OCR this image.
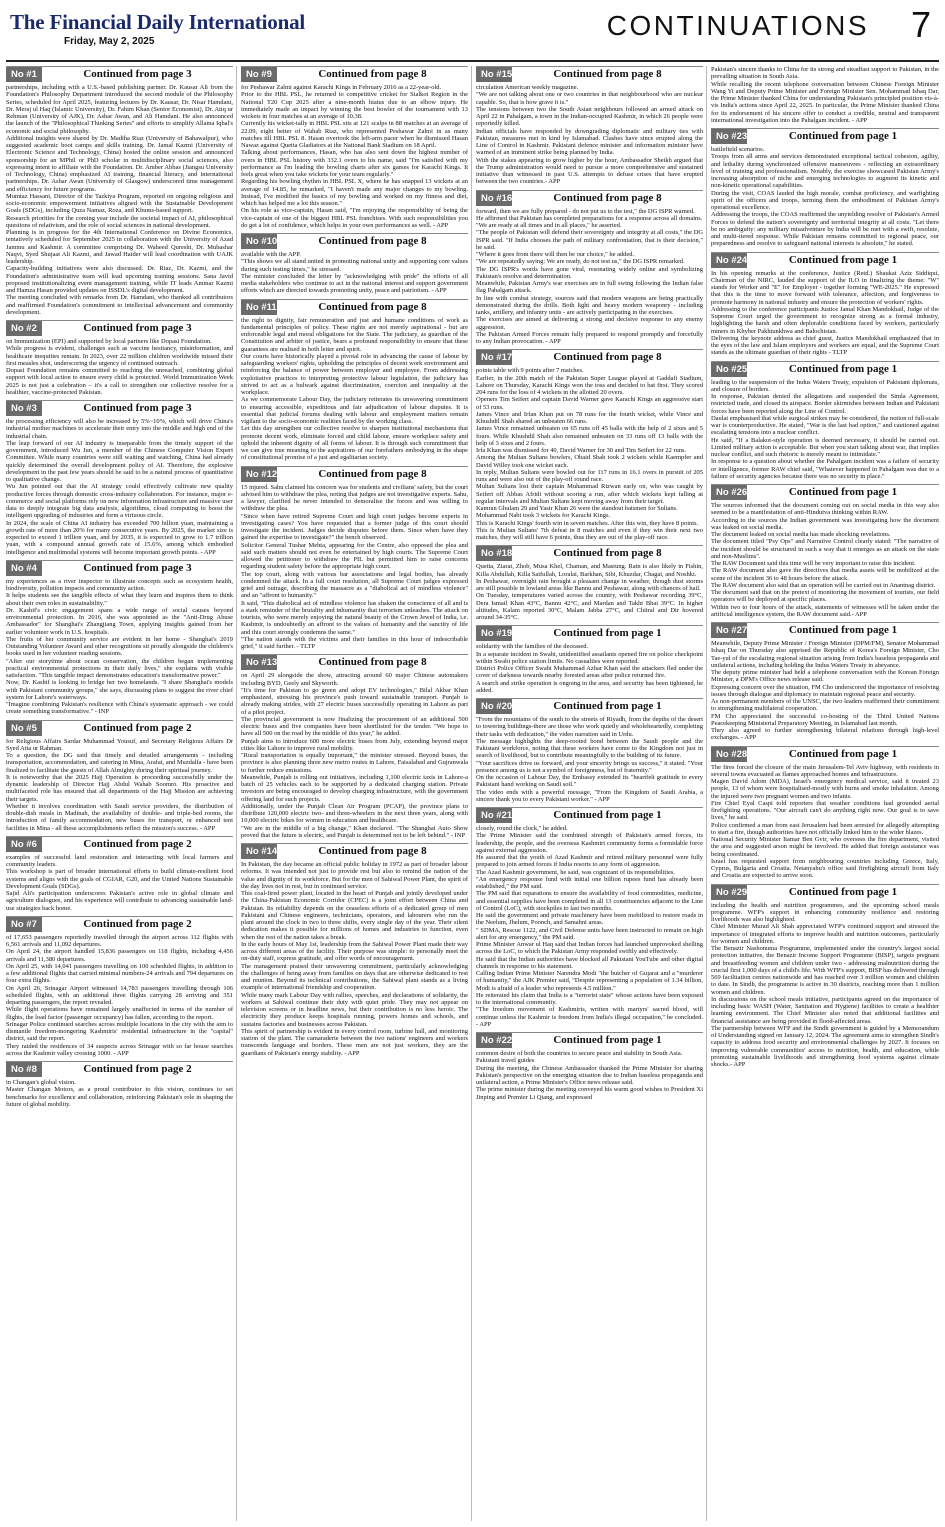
The Financial Daily International
Friday, May 2, 2025
CONTINUATIONS 7
No #1	Continued from page 3

partnerships, including with a U.S.-based publishing partner. Dr. Kausar Ali from the Foundation's Philosophy Department introduced the second module of the Philosophy Series, scheduled for April 2025, featuring lectures by Dr. Kausar, Dr. Nisar Hamdani, Dr. Meraj ul Haq (Islamic University), Dr. Fahim Khan (Senior Economist), Dr. Atiq ur Rehman (University of AJK), Dr. Ashar Awan, and Ali Hamdani. He also announced the launch of the "Philosophical Thinking Series" and efforts to simplify Allama Iqbal's economic and social philosophy.

Additional insights were shared by Dr. Madiha Riaz (University of Bahawalpur), who suggested academic boot camps and skills training. Dr. Jamal Kazmi (University of Electronic Science and Technology, China) hosted the online session and announced sponsorship for an MPhil or PhD scholar in multidisciplinary social sciences, also expressing intent to affiliate with the Foundation. Dr. Amber Abbas (Jiangsu University of Technology, China) emphasized AI training, financial literacy, and international partnerships. Dr. Ashar Awan (University of Glasgow) underscored time management and efficiency for future programs.

Mumtaz Hassani, Director of the Tazkiya Program, reported on ongoing religious and socio-economic empowerment initiatives aligned with the Sustainable Development Goals (SDGs), including Quza Namaz, Roza, and Khums-based support.

Research priorities for the coming year include the societal impact of AI, philosophical questions of relativism, and the role of social sciences in national development.

Planning is in progress for the 4th International Conference on Divine Economics, tentatively scheduled for September 2025 in collaboration with the University of Azad Jammu and Kashmir. A committee comprising Dr. Waheed Qureshi, Dr. Mubashar Naqvi, Syed Shujaat Ali Kazmi, and Jawad Haider will lead coordination with UAJK leadership.

Capacity-building initiatives were also discussed. Dr. Riaz, Dr. Kazmi, and the Foundation's administrative team will lead upcoming training sessions. Sana Javid proposed institutionalizing event management training, while IT leads Ammar Kazmi and Hamza Hasan provided updates on ISSDL's digital development.

The meeting concluded with remarks from Dr. Hamdani, who thanked all contributors and reaffirmed Foundation's commitment to intellectual advancement and community development.

No #2	Continued from page 3

on Immunization (EPI) and supported by local partners like Dopasi Foundation.

While progress is evident, challenges such as vaccine hesitancy, misinformation, and healthcare inequities remain. In 2023, over 22 million children worldwide missed their first measles shot, underscoring the urgency of continued outreach.

Dopasi Foundation remains committed to reaching the unreached, combining global support with local action to ensure every child is protected. World Immunization Week 2025 is not just a celebration – it's a call to strengthen our collective resolve for a healthier, vaccine-protected Pakistan.

No #3	Continued from page 3

the processing efficiency will also be increased by 5%~10%, which will drive China's industrial mother machines to accelerate their entry into the middle and high end of the industrial chain.

The leap forward of our AI industry is inseparable from the timely support of the government, introduced Wu Jun, a member of the Chinese Computer Vision Expert Committee. While many countries were still waiting and watching, China had already quickly determined the overall development policy of AI. Therefore, the explosive development in the past few years should be said to be a natural process of quantitative to qualitative change.

Wu Jun pointed out that the AI strategy could effectively cultivate new quality productive forces through domestic cross-industry collaboration. For instance, major e-commerce and social platforms rely on new information infrastructure and massive user data to deeply integrate big data analysis, algorithms, cloud computing to boost the intelligent upgrading of industries and form a virtuous circle.

In 2024, the scale of China AI industry has exceeded 700 billion yuan, maintaining a growth rate of more than 20% for many consecutive years. By 2025, the market size is expected to exceed 1 trillion yuan, and by 2035, it is expected to grow to 1.7 trillion yuan, with a compound annual growth rate of 15.6%, among which embodied intelligence and multimodal systems will become important growth points. - APP

No #4	Continued from page 3

my experiences as a river inspector to illustrate concepts such as ecosystem health, biodiversity, pollution impacts and community action.

It helps students see the tangible effects of what they learn and inspires them to think about their own roles in sustainability."

Dr. Kashif's civic engagement spans a wide range of social causes beyond environmental protection. In 2016, she was appointed as the "Anti-Drug Abuse Ambassador" for Shanghai's Zhangjiang Town, applying insights gained from her earlier volunteer work in U.S. hospitals.

The fruits of her community service are evident in her home - Shanghai's 2019 Outstanding Volunteer Award and other recognitions sit proudly alongside the children's books used in her volunteer reading sessions.

"After our storytime about ocean conservation, the children began implementing practical environmental protections in their daily lives," she explains with visible satisfaction. "This tangible impact demonstrates education's transformative power."

Now, Dr. Kashif is looking to bridge her two homelands. "I share Shanghai's models with Pakistani community groups," she says, discussing plans to suggest the river chief system for Lahore's waterways.

"Imagine combining Pakistan's resilience with China's systematic approach - we could create something transformative." - INP

No #5	Continued from page 2

for Religious Affairs Sardar Muhammad Yousuf, and Secretary Religious Affairs Dr Syed Atta ur Rahman.

To a question, the DG said that timely and detailed arrangements - including transportation, accommodation, and catering in Mina, Arafat, and Muzdalfa - have been finalized to facilitate the guests of Allah Almighty during their spiritual journey.

It is noteworthy that the 2025 Hajj Operation is proceeding successfully under the dynamic leadership of Director Hajj Abdul Wahab Soomro. His proactive and multifaceted role has ensured that all departments of the Hajj Mission are achieving their targets.

Whether it involves coordination with Saudi service providers, the distribution of double-dish meals in Madinah, the availability of double- and triple-bed rooms, the introduction of family accommodation, new buses for transport, or enhanced tent facilities in Mina - all these accomplishments reflect the mission's success. - APP

No #6	Continued from page 2

examples of successful land restoration and interacting with local farmers and community leaders.

This workshop is part of broader international efforts to build climate-resilient food systems and aligns with the goals of CGIAR, G20, and the United Nations Sustainable Development Goals (SDGs).

Sajid Ali's participation underscores Pakistan's active role in global climate and agriculture dialogues, and his experience will contribute to advancing sustainable land-use strategies back home.

No #7	Continued from page 2

of 17,653 passengers reportedly travelled through the airport across 112 flights with 6,561 arrivals and 11,092 departures.

On April 24, the airport handled 15,836 passengers on 118 flights, including 4,456 arrivals and 11,380 departures.

On April 25, with 14,041 passengers travelling on 100 scheduled flights, in addition to a few additional flights that carried minimal numbers-24 arrivals and 794 departures on four extra flights.

On April 26, Srinagar Airport witnessed 14,783 passengers travelling through 106 scheduled flights, with an additional three flights carrying 28 arriving and 351 departing passengers, the report revealed.

While flight operations have remained largely unaffected in terms of the number of flights, the load factor (passenger occupancy) has fallen, according to the report.

Srinagar Police continued searches across multiple locations in the city with the aim to dismantle freedom-mongering Kashmiris' residential infrastructure in the "capital" district, said the report.

They raided the residences of 34 suspects across Srinagar with so far house searches across the Kashmir valley crossing 1000. - APP

No #8	Continued from page 2

in Changan's global vision.

Master Changan Motors, as a proud contributor to this vision, continues to set benchmarks for excellence and collaboration, reinforcing Pakistan's role in shaping the future of global mobility.

No #9	Continued from page 8

for Peshawar Zalmi against Karachi Kings in February 2016 as a 22-year-old.

Prior to the HBL PSL, he returned to competitive cricket for Sialkot Region in the National T20 Cup 2025 after a nine-month hiatus due to an elbow injury. He immediately made an impact by winning the best bowler of the tournament with 13 wickets in four matches at an average of 10.38.

Currently his wicket-tally in HBL PSL sits at 121 scalps in 88 matches at an average of 22.09, eight better of Wahab Riaz, who represented Peshawar Zalmi in as many matches till HBL PSL 8. Hasan overtook the left-arm pacer when he dismissed Hasan Nawaz against Quetta Gladiators at the National Bank Stadium on 18 April.

Talking about performances, Hasan, who has also sent down the highest number of overs in HBL PSL history with 332.1 overs to his name, said "I'm satisfied with my performance as I'm leading the bowling charts after six games for Karachi Kings. It feels great when you take wickets for your team regularly."

Regarding his bowling rhythm in HBL PSL X, where he has snapped 13 wickets at an average of 14.85, he remarked, "I haven't made any major changes to my bowling. Instead, I've modified the basics of my bowling and worked on my fitness and diet, which has helped me a lot this season."

On his role as vice-captain, Hasan said, "I'm enjoying the responsibility of being the vice-captain of one of the biggest HBL PSL franchises. With such responsibilities you do get a lot of confidence, which helps in your own performances as well. - APP

No #10	Continued from page 8

available with the APP.

"This shows we all stand united in promoting national unity and supporting core values during such testing times," he stressed.

The minister concluded the letter by "acknowledging with pride" the efforts of all media stakeholders who continue to act in the national interest and support government efforts which are directed towards promoting unity, peace and patriotism. - APP

No #11	Continued from page 8

the right to dignity, fair remuneration and just and humane conditions of work as fundamental principles of policy. These rights are not merely aspirational - but are enforceable legal and moral obligations for the State. The judiciary, as guardian of the Constitution and arbiter of justice, bears a profound responsibility to ensure that these guarantees are realised in both letter and spirit.

Our courts have historically played a pivotal role in advancing the cause of labour by safeguarding workers' rights, upholding the principles of decent work environment and reinforcing the balance of power between employer and employee. From addressing exploitative practices to interpreting protective labour legislation, the judiciary has strived to act as a bulwark against discrimination, coercion and inequality at the workplace.

As we commemorate Labour Day, the judiciary reiterates its unwavering commitment to ensuring accessible, expeditious and fair adjudication of labour disputes. It is essential that judicial forums dealing with labour and employment matters remain vigilant to the socio-economic realities faced by the working class.

Let this day strengthen our collective resolve to sharpen institutional mechanisms that promote decent work, eliminate forced and child labour, ensure workplace safety and uphold the inherent dignity of all forms of labour. It is through such commitment that we can give true meaning to the aspirations of our forefathers embodying in the shape of constitutional promise of a just and egalitarian society.

No #12	Continued from page 8

15 injured. Sahu claimed his concern was for students and civilians' safety, but the court advised him to withdraw the plea, noting that judges are not investigative experts. Sahu, a lawyer, clarified he never intended to demoralise the forces and was willing to withdraw the plea.

"Since when have retired Supreme Court and high court judges become experts in investigating cases? You have requested that a former judge of this court should investigate the incident. Judges decide disputes before them. Since when have they gained the expertise to investigate?" the bench observed.

Solicitor General Tushar Mehta, appearing for the Centre, also opposed the plea and said such matters should not even be entertained by high courts. The Supreme Court allowed the petitioner to withdraw the PIL but permitted him to raise concerns regarding student safety before the appropriate high court.

The top court, along with various bar associations and legal bodies, has already condemned the attack. In a full court resolution, all Supreme Court judges expressed grief and outrage, describing the massacre as a "diabolical act of mindless violence" and an "affront to humanity."

It said, "This diabolical act of mindless violence has shaken the conscience of all and is a stark reminder of the brutality and inhumanity that terrorism unleashes. The attack on tourists, who were merely enjoying the natural beauty of the Crown Jewel of India, i.e. Kashmir, is undoubtedly an affront to the values of humanity and the sanctity of life and this court strongly condemns the same."

"The nation stands with the victims and their families in this hour of indescribable grief," it said further. - TLTP

No #13	Continued from page 8

on April 29 alongside the show, attracting around 60 major Chinese automakers including BYD, Geely and Skyworth.

"It's time for Pakistan to go green and adopt EV technologies," Bilal Akbar Khan emphasized, stressing his province's push toward sustainable transport. Punjab is already making strides, with 27 electric buses successfully operating in Lahore as part of a pilot project.

The provincial government is now finalizing the procurement of an additional 500 electric buses and five companies have been shortlisted for the tender. "We hope to have all 500 on the road by the middle of this year," he added.

Punjab aims to introduce 600 more electric buses from July, extending beyond major cities like Lahore to improve rural mobility.

"Rural transportation is equally important," the minister stressed. Beyond buses, the province is also planning three new metro routes in Lahore, Faisalabad and Gujranwala to further reduce emissions.

Meanwhile, Punjab is rolling out initiatives, including 1,100 electric taxis in Lahore-a batch of 25 vehicles each to be supported by a dedicated charging station. Private investors are being encouraged to develop charging infrastructure, with the government offering land for such projects.

Additionally, under the Punjab Clean Air Program (PCAP), the province plans to distribute 120,000 electric two- and three-wheelers in the next three years, along with 10,000 electric bikes for women in education and healthcare.

"We are in the middle of a big change," Khan declared. "The Shanghai Auto Show proved that the future is electric, and Punjab is determined not to be left behind." - INP

No #14	Continued from page 8

In Pakistan, the day became an official public holiday in 1972 as part of broader labour reforms. It was intended not just to provide rest but also to remind the nation of the value and dignity of its workforce. But for the men of Sahiwal Power Plant, the spirit of the day lives not in rest, but in continued service.

This coal-fired power plant, located in the heart of Punjab and jointly developed under the China-Pakistan Economic Corridor (CPEC) is a joint effort between China and Pakistan. Its reliability depends on the ceaseless efforts of a dedicated group of men Pakistani and Chinese engineers, technicians, operators, and labourers who run the plant around the clock in two to three shifts, every single day of the year. Their silent dedication makes it possible for millions of homes and industries to function, even when the rest of the nation takes a break.

In the early hours of May 1st, leadership from the Sahiwal Power Plant made their way across different areas of the facility. Their purpose was simple: to personally meet the on-duty staff, express gratitude, and offer words of encouragement.

The management praised their unwavering commitment, particularly acknowledging the challenges of being away from families on days that are otherwise dedicated to rest and reunion. Beyond its technical contributions, the Sahiwal plant stands as a living example of international friendship and cooperation.

While many mark Labour Day with rallies, speeches, and declarations of solidarity, the workers at Sahiwal continue their duty with quiet pride. They may not appear on television screens or in headline news, but their contribution is no less heroic. The electricity they produce keeps hospitals running, powers homes and schools, and sustains factories and businesses across Pakistan.

This spirit of partnership is evident in every control room, turbine hall, and monitoring station of the plant. The camaraderie between the two nations' engineers and workers transcends language and borders. These men are not just workers, they are the guardians of Pakistan's energy stability. - APP

No #15	Continued from page 8

circulation American weekly magazine.

"We are not talking about one or two countries in that neighbourhood who are nuclear capable. So, that is how grave it is."

The tensions between two the South Asian neighbours followed an armed attack on April 22 in Pahalgam, a town in the Indian-occupied Kashmir, in which 26 people were reportedly killed.

Indian officials have responded by downgrading diplomatic and military ties with Pakistan, measures met in kind by Islamabad. Clashes have since erupted along the Line of Control in Kashmir. Pakistani defence minister and information minister have warned of an imminent strike being planned by India.

With the stakes appearing to grow higher by the hour, Ambassador Sheikh argued that the Trump administration would need to pursue a more comprehensive and sustained initiative than witnessed in past U.S. attempts to defuse crises that have erupted between the two countries.- APP

No #16	Continued from page 8

forward, then we are fully prepared - do not put us to the test," the DG ISPR warned.

He affirmed that Pakistan has completed preparations for a response across all domains.

"We are ready at all times and in all places," he asserted.

"The people of Pakistan will defend their sovereignty and integrity at all costs," the DG ISPR said. "If India chooses the path of military confrontation, that is their decision," he said.

"Where it goes from there will then be our choice," he added.

"We are repeatedly saying: We are ready, do not test us," the DG ISPR remarked.

The DG ISPR's words have gone viral, resonating widely online and symbolizing Pakistan's resolve and determination.

Meanwhile, Pakistan Army's war exercises are in full swing following the Indian false flag Pahalgam attack.

In line with combat strategy, sources said that modern weapons are being practically demonstrated during the drills. Both light and heavy modern weaponry - including tanks, artillery, and infantry units - are actively participating in the exercises.

The exercises are aimed at delivering a strong and decisive response to any enemy aggression.

The Pakistan Armed Forces remain fully prepared to respond promptly and forcefully to any Indian provocation. - APP

No #17	Continued from page 8

points table with 9 points after 7 matches.

Earlier, in the 20th match of the Pakistan Super League played at Gaddafi Stadium, Lahore on Thursday, Karachi Kings won the toss and decided to bat first. They scored 204 runs for the loss of 4 wickets in the allotted 20 overs.

Openers Tim Seifert and captain David Warner gave Karachi Kings an aggressive start of 53 runs.

James Vince and Irfan Khan put on 78 runs for the fourth wicket, while Vince and Khushdil Shah shared an unbeaten 66 runs.

James Vince remained unbeaten on 65 runs off 45 balls with the help of 2 sixes and 5 fours. While Khushdil Shah also remained unbeaten on 33 runs off 13 balls with the help of 3 sixes and 2 fours.

Irfa Khan was dismissed for 40, David Warner for 30 and Tim Seifert for 22 runs.

Among the Multan Sultans bowlers, Obaid Shah took 2 wickets while Kaempfer and David Willey took one wicket each.

In reply, Multan Sultans were bowled out for 117 runs in 16.1 overs in pursuit of 205 runs and were also out of the play-off round race.

Multan Sultans lost their captain Muhammad Rizwan early on, who was caught by Seifert off Abbas Afridi without scoring a run, after which wickets kept falling at regular intervals and Multan Sultans kept moving away from their target.

Kamran Ghulam 29 and Yasir Khan 26 were the standout batsmen for Sultans.

Mohammad Nabi took 3 wickets for Karachi Kings.

This is Karachi Kings' fourth win in seven matches. After this win, they have 8 points.

This is Multan Sultans' 7th defeat in 8 matches and even if they win their next two matches, they will still have 6 points, thus they are out of the play-off race.

No #18	Continued from page 8

Quetta, Ziarat, Zhob, Musa Khel, Chaman, and Mastung. Rain is also likely in Fishin, Killa Abdullah, Killa Saifullah, Loralai, Barkhan, Sibi, Khuzdar, Chagai, and Noshki.

In Peshawar, overnight rain brought a pleasant change in weather, though dust storms are still possible in lowland areas like Bannu and Peshawar, along with chances of hail.

On Tuesday, temperatures varied across the country, with Peshawar recording 39°C, Dera Ismail Khan 43°C, Bannu 42°C, and Mardan and Takht Bhai 39°C. In higher altitudes, Kalam reported 30°C, Malam Jabba 27°C, and Chitral and Dir hovered around 34-35°C.

No #19	Continued from page 1

solidarity with the families of the deceased.

In a separate incident in Swabi, unidentified assailants opened fire on police checkpoint within Swabi police station limits. No casualties were reported.

District Police Officer Swabi Muhammad Azhar Khan said the attackers fled under the cover of darkness towards nearby forested areas after police returned fire.

A search and strike operation is ongoing in the area, and security has been tightened, he added.

No #20	Continued from page 1

"From the mountains of the south to the streets of Riyadh, from the depths of the desert to towering buildings-there are those who work quietly and wholeheartedly, completing their tasks with dedication," the video narration said in Urdu.

The message highlights the deep-rooted bond between the Saudi people and the Pakistani workforce, noting that these workers have come to the Kingdom not just in search of livelihood, but to contribute meaningfully to the building of its future.

"Your sacrifices drive us forward, and your sincerity brings us success," it stated. "Your presence among us is not a symbol of foreignness, but of fraternity."

On the occasion of Labour Day, the Embassy extended its "heartfelt gratitude to every Pakistani hand working on Saudi soil."

The video ends with a powerful message, "From the Kingdom of Saudi Arabia, a sincere thank you to every Pakistani worker." - APP

No #21	Continued from page 1

closely, round the clock," he added.

The Prime Minister said the combined strength of Pakistan's armed forces, its leadership, the people, and the overseas Kashmiri community forms a formidable force against external aggression.

He assured that the youth of Azad Kashmir and retired military personnel were fully prepared to join armed forces if India resorts to any form of aggression.

The Azad Kashmir government, he said, was cognizant of its responsibilities.

"An emergency response fund with initial one billion rupees fund has already been established," the PM said.

The PM said that reparations to ensure the availability of food commodities, medicine, and essential supplies have been completed in all 13 constituencies adjacent to the Line of Control (LoC), with stockpiles to last two months.

He said the government and private machinery have been mobilized to restore roads in the Neelum, Jhelum, Poonch, and Samahni areas.

" SDMA, Rescue 1122, and Civil Defense units have been instructed to remain on high alert for any emergency," the PM said.

Prime Minister Anwar ul Haq said that Indian forces had launched unprovoked shelling across the LoC, to which the Pakistan Army responded swiftly and effectively.

He said that the Indian authorities have blocked all Pakistani YouTube and other digital channels in response to his statement.

Calling Indian Prime Minister Narendra Modi "the butcher of Gujarat and a "murderer of humanity," the AJK Premier said, "Despite representing a population of 1.34 billion, Modi is afraid of a leader who represents 4.5 million."

He reiterated his claim that India is a "terrorist state" whose actions have been exposed to the international community.

"The freedom movement of Kashmiris, written with martyrs' sacred blood, will continue unless the Kashmir is freedom from India's illegal occupation," he concluded. - APP

No #22	Continued from page 1

common desire of both the countries to secure peace and stability in South Asia.

Pakistani travel guides

During the meeting, the Chinese Ambassador thanked the Prime Minister for sharing Pakistan's perspective on the emerging situation due to Indian baseless propaganda and unilateral action, a Prime Minister's Office news release said.

The prime minister during the meeting conveyed his warm good wishes to President Xi Jinping and Premier Li Qiang, and expressed

Pakistan's sincere thanks to China for its strong and steadfast support to Pakistan, in the prevailing situation in South Asia.

While recalling the recent telephone conversation between Chinese Foreign Minister Wang Yi and Deputy Prime Minister and Foreign Minister Sen. Mohammad Ishaq Dar, the Prime Minister thanked China for understanding Pakistan's principled position vis-à-vis India's actions since April 22, 2025. In particular, the Prime Minister thanked China for its endorsement of his sincere offer to conduct a credible, neutral and transparent international investigation into the Pahalgam incident. - APP

No #23	Continued from page 1

battlefield scenarios.

Troops from all arms and services demonstrated exceptional tactical cohesion, agility, and lethality during synchronized offensive manoeuvres - reflecting an extraordinary level of training and professionalism. Notably, the exercise showcased Pakistan Army's increasing absorption of niche and emerging technologies to augment its kinetic and non-kinetic operational capabilities.

During the visit, COAS lauded the high morale, combat proficiency, and warfighting spirit of the officers and troops, terming them the embodiment of Pakistan Army's operational excellence.

Addressing the troops, the COAS reaffirmed the unyielding resolve of Pakistan's Armed Forces to defend the nation's sovereignty and territorial integrity at all costs. "Let there be no ambiguity: any military misadventure by India will be met with a swift, resolute, and multi-tiered response. While Pakistan remains committed to regional peace, our preparedness and resolve to safeguard national interests is absolute," he stated.

No #24	Continued from page 1

In his opening remarks at the conference, Justice (Retd.) Shaukat Aziz Siddiqui, Chairman of the NIRC, lauded the support of the ILO in finalizing the theme: "W" stands for Worker and "E" for Employer - together forming "WE-2025." He expressed that this is the time to move forward with tolerance, affection, and forgiveness to promote harmony in national industry and ensure the protection of workers' rights.

Addressing to the conference participants Justice Jamal Khan Mandokhail, Judge of the Supreme Court urged the government to recognize strong as a formal industry, highlighting the harsh and often deplorable conditions faced by workers, particularly miners in Khyber Pakhtunkhwa and Balochistan.

Delivering the keynote address as chief guest, Justice Mandokhail emphasized that in the eyes of the law and Islam employers and workers are equal, and the Supreme Court stands as the ultimate guardian of their rights - TLTP

No #25	Continued from page 1

leading to the suspension of the Indus Waters Treaty, expulsion of Pakistani diplomats, and closure of borders.

In response, Pakistan denied the allegations and suspended the Simla Agreement, restricted trade, and closed its airspace. Border skirmishes between Indian and Pakistani forces have been reported along the Line of Control.

Daulat emphasised that while surgical strikes may be considered, the notion of full-scale war is counterproductive. He stated, "War is the last bad option," and cautioned against escalating tensions into a nuclear conflict.

He said, "If a Balakot-style operation is deemed necessary, it should be carried out. Limited military action is acceptable. But when you start talking about war, that implies nuclear conflict, and such rhetoric is merely meant to intimidate."

In response to a question about whether the Pahalgam incident was a failure of security or intelligence, former RAW chief said, "Whatever happened in Pahalgam was due to a failure of security agencies because there was no security in place."

No #26	Continued from page 1

The sources informed that the document coming out on social media in this way also seemed to be a manifestation of anti-Hindutva thinking within RAW.

According to the sources the Indian government was investigating how the document was leaked on social media.

The document leaked on social media has made shocking revelations.

The document titled "Psy Ops" and Narrative Control clearly stated: "The narrative of the incident should be structured in such a way that it emerges as an attack on the state and non-Muslims".

The RAW Document said this time will be very important to raise this incident.

The RAW document also gave the directives that media assets will be mobilized at the scene of the incident 36 to 48 hours before the attack.

The RAW document also said that an operation will be carried out in Anantnag district.

The document said that on the pretext of monitoring the movement of tourists, our field operators will be deployed at specific places.

Within two to four hours of the attack, statements of witnesses will be taken under the artificial intelligence system, the RAW document said.- APP

No #27	Continued from page 1

Meanwhile, Deputy Prime Minister / Foreign Minister (DPM/FM), Senator Mohammad Ishaq Dar on Thursday also apprised the Republic of Korea's Foreign Minister, Cho Tae-yul of the escalating regional situation arising from India's baseless propaganda and unilateral actions, including holding the Indus Waters Treaty in abeyance.

The deputy prime minister had held a telephone conversation with the Korean Foreign Minister, a DPM's Office news release said.

Expressing concern over the situation, FM Cho underscored the importance of resolving issues through dialogue and diplomacy to maintain regional peace and security.

As non-permanent members of the UNSC, the two leaders reaffirmed their commitment to strengthening multilateral cooperation.

FM Cho appreciated the successful co-hosting of the Third United Nations Peacekeeping Ministerial Preparatory Meeting, in Islamabad last month.

They also agreed to further strengthening bilateral relations through high-level exchanges. - APP

No #28	Continued from page 1

The fires forced the closure of the main Jerusalem-Tel Aviv highway, with residents in several towns evacuated as flames approached homes and infrastructure.

Magen David Adom (MDA), Israel's emergency medical service, said it treated 23 people, 13 of whom were hospitalised-mostly with burns and smoke inhalation. Among the injured were two pregnant women and two infants.

Fire Chief Eyal Caspi told reporters that weather conditions had grounded aerial firefighting operations. "Our aircraft can't do anything right now. Our goal is to save lives," he said.

Police confirmed a man from east Jerusalem had been arrested for allegedly attempting to start a fire, though authorities have not officially linked him to the wider blazes.

National Security Minister Itamar Ben Gvir, who oversees the fire department, visited the area and suggested arson might be involved. He added that foreign assistance was being coordinated.

Israel has requested support from neighbouring countries including Greece, Italy, Cyprus, Bulgaria and Croatia. Netanyahu's office said firefighting aircraft from Italy and Croatia are expected to arrive soon.

No #29	Continued from page 1

including the health and nutrition programmes, and the upcoming school meals programme. WFP's support in enhancing community resilience and restoring livelihoods was also highlighted.

Chief Minister Murad Ali Shah appreciated WFP's continued support and stressed the importance of integrated efforts to improve health and nutrition outcomes, particularly for women and children.

The Benazir Nashonuma Programme, implemented under the country's largest social protection initiative, the Benazir Income Support Programme (BISP), targets pregnant and breastfeeding women and children under two - addressing malnutrition during the crucial first 1,000 days of a child's life. With WFP's support, BISP has delivered through 569 facilitation centres nationwide and has reached over 3 million women and children to date. In Sindh, the programme is active in 30 districts, reaching more than 1 million women and children.

In discussions on the school meals initiative, participants agreed on the importance of including basic WASH (Water, Sanitation and Hygiene) facilities to create a healthier learning environment. The Chief Minister also noted that additional facilities and financial assistance are being provided in flood-affected areas.

The partnership between WFP and the Sindh government is guided by a Memorandum of Understanding signed on January 12, 2024. The agreement aims to strengthen Sindh's capacity to address food security and environmental challenges by 2027. It focuses on improving vulnerable communities' access to nutrition, health, and education, while promoting sustainable livelihoods and strengthening food systems against climate shocks.- APP
